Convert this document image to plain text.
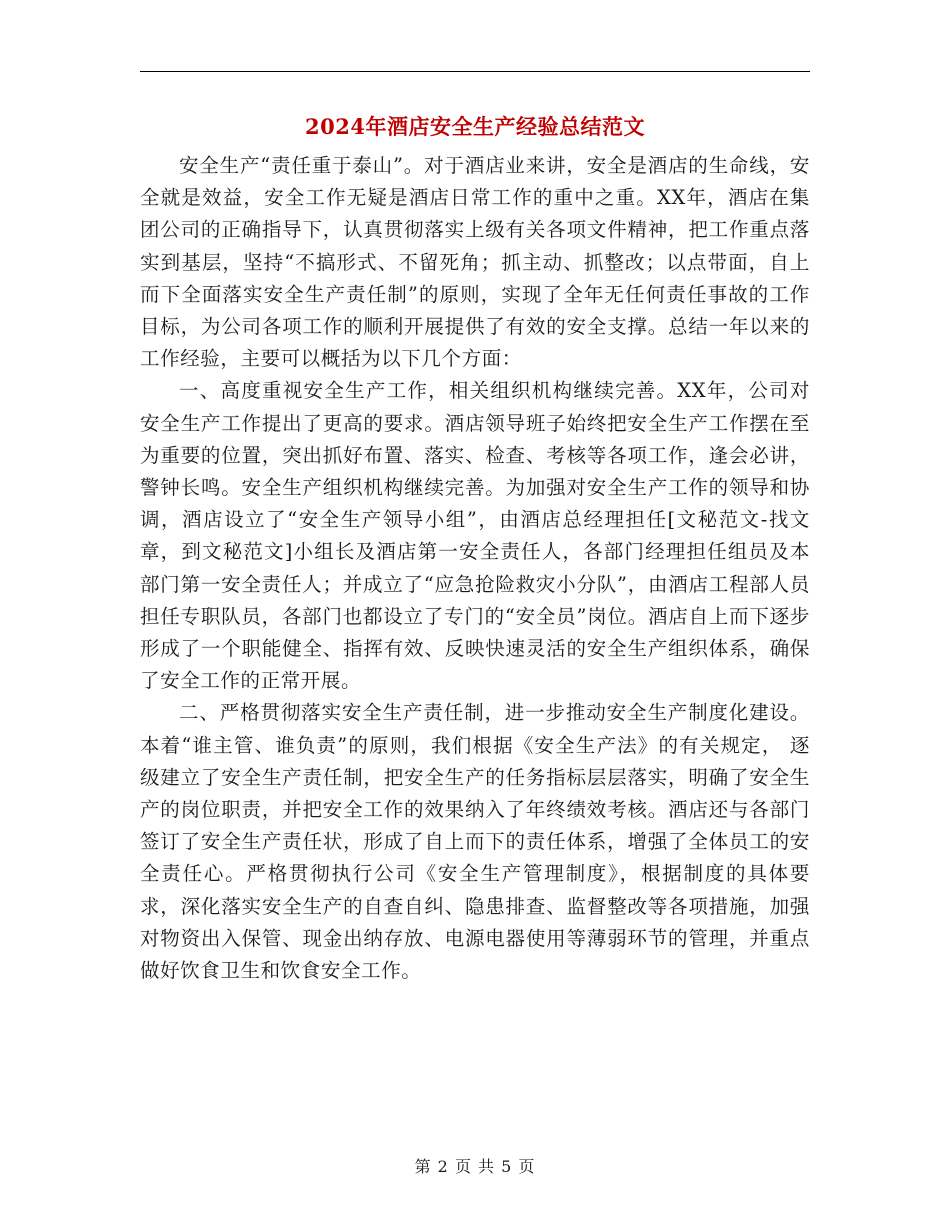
2024年酒店安全生产经验总结范文

安全生产“责任重于泰山”。对于酒店业来讲，安全是酒店的生命线，安全就是效益，安全工作无疑是酒店日常工作的重中之重。XX年，酒店在集团公司的正确指导下，认真贯彻落实上级有关各项文件精神，把工作重点落实到基层，坚持“不搞形式、不留死角；抓主动、抓整改；以点带面，自上而下全面落实安全生产责任制”的原则，实现了全年无任何责任事故的工作目标，为公司各项工作的顺利开展提供了有效的安全支撑。总结一年以来的工作经验，主要可以概括为以下几个方面：

一、高度重视安全生产工作，相关组织机构继续完善。XX年，公司对安全生产工作提出了更高的要求。酒店领导班子始终把安全生产工作摆在至为重要的位置，突出抓好布置、落实、检查、考核等各项工作，逢会必讲，警钟长鸣。安全生产组织机构继续完善。为加强对安全生产工作的领导和协调，酒店设立了“安全生产领导小组”，由酒店总经理担任[文秘范文-找文章，到文秘范文]小组长及酒店第一安全责任人，各部门经理担任组员及本部门第一安全责任人；并成立了“应急抢险救灾小分队”，由酒店工程部人员担任专职队员，各部门也都设立了专门的“安全员”岗位。酒店自上而下逐步形成了一个职能健全、指挥有效、反映快速灵活的安全生产组织体系，确保了安全工作的正常开展。

二、严格贯彻落实安全生产责任制，进一步推动安全生产制度化建设。本着“谁主管、谁负责”的原则，我们根据《安全生产法》的有关规定， 逐级建立了安全生产责任制，把安全生产的任务指标层层落实，明确了安全生产的岗位职责，并把安全工作的效果纳入了年终绩效考核。酒店还与各部门签订了安全生产责任状，形成了自上而下的责任体系，增强了全体员工的安全责任心。严格贯彻执行公司《安全生产管理制度》，根据制度的具体要求，深化落实安全生产的自查自纠、隐患排查、监督整改等各项措施，加强对物资出入保管、现金出纳存放、电源电器使用等薄弱环节的管理，并重点做好饮食卫生和饮食安全工作。

第 2 页 共 5 页
